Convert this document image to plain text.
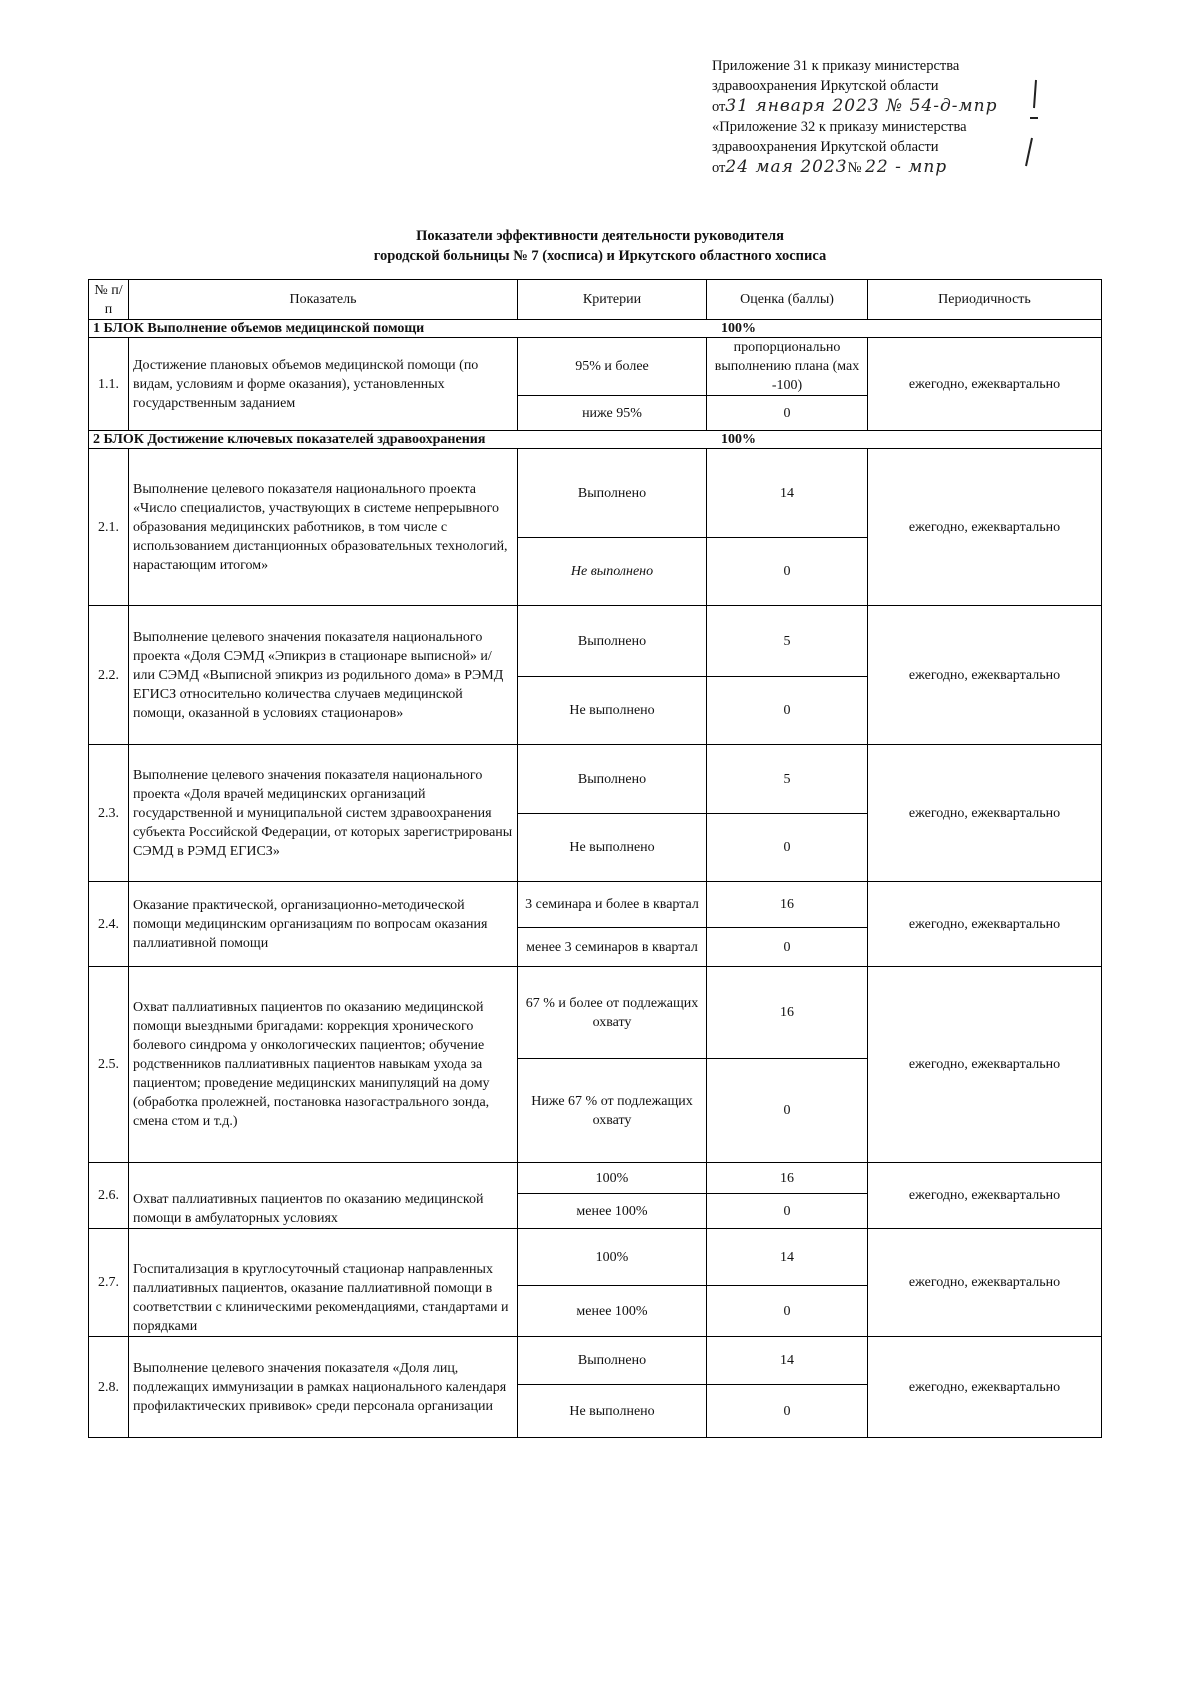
Приложение 31 к приказу министерства
здравоохранения Иркутской области
от31 января 2023 № 54-д-мпр
«Приложение 32 к приказу министерства
здравоохранения Иркутской области
от24 мая 2023№ 22 - мпр
Показатели эффективности деятельности руководителя
городской больницы № 7 (хосписа) и Иркутского областного хосписа
№ п/п	Показатель	Критерии	Оценка (баллы)	Периодичность

1 БЛОК Выполнение объемов медицинской помощи 100%				

1.1.	Достижение плановых объемов медицинской помощи (по видам, условиям и форме оказания), установленных государственным заданием	95% и более	пропорционально выполнению плана (мах -100)	ежегодно, ежеквартально
		ниже 95%	0	

2 БЛОК Достижение ключевых показателей здравоохранения 100%				

2.1.	Выполнение целевого показателя национального проекта «Число специалистов, участвующих в системе непрерывного образования медицинских работников, в том числе с использованием дистанционных образовательных технологий, нарастающим итогом»	Выполнено	14	ежегодно, ежеквартально
		Не выполнено	0	
2.2.	Выполнение целевого значения показателя национального проекта «Доля СЭМД «Эпикриз в стационаре выписной» и/или СЭМД «Выписной эпикриз из родильного дома» в РЭМД ЕГИСЗ относительно количества случаев медицинской помощи, оказанной в условиях стационаров»	Выполнено	5	ежегодно, ежеквартально
		Не выполнено	0	
2.3.	Выполнение целевого значения показателя национального проекта «Доля врачей медицинских организаций государственной и муниципальной систем здравоохранения субъекта Российской Федерации, от которых зарегистрированы СЭМД в РЭМД ЕГИСЗ»	Выполнено	5	ежегодно, ежеквартально
		Не выполнено	0	
2.4.	Оказание практической, организационно-методической помощи медицинским организациям по вопросам оказания паллиативной помощи	3 семинара и более в квартал	16	ежегодно, ежеквартально
		менее 3 семинаров в квартал	0	
2.5.	Охват паллиативных пациентов по оказанию медицинской помощи выездными бригадами: коррекция хронического болевого синдрома у онкологических пациентов; обучение родственников паллиативных пациентов навыкам ухода за пациентом; проведение медицинских манипуляций на дому (обработка пролежней, постановка назогастрального зонда, смена стом и т.д.)	67 % и более от подлежащих охвату	16	ежегодно, ежеквартально
		Ниже 67 % от подлежащих охвату	0	
2.6.	Охват паллиативных пациентов по оказанию медицинской помощи в амбулаторных условиях	100%	16	ежегодно, ежеквартально
		менее 100%	0	
2.7.	Госпитализация в круглосуточный стационар направленных паллиативных пациентов, оказание паллиативной помощи в соответствии с клиническими рекомендациями, стандартами и порядками	100%	14	ежегодно, ежеквартально
		менее 100%	0	
2.8.	Выполнение целевого значения показателя «Доля лиц, подлежащих иммунизации в рамках национального календаря профилактических прививок» среди персонала организации	Выполнено	14	ежегодно, ежеквартально
		Не выполнено	0	
